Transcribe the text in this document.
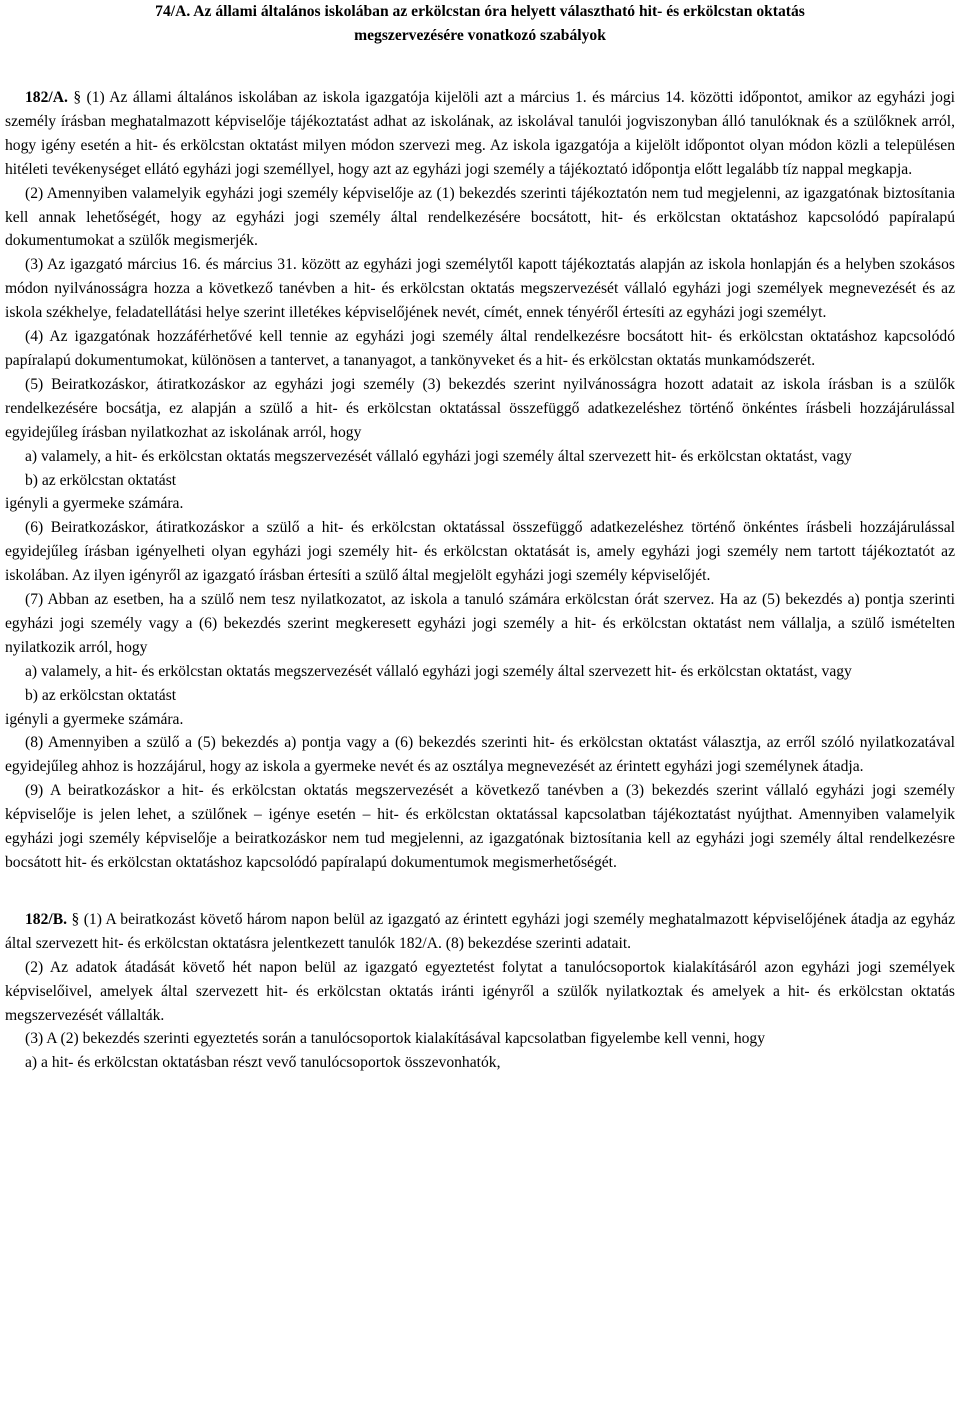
74/A. Az állami általános iskolában az erkölcstan óra helyett választható hit- és erkölcstan oktatás
megszervezésére vonatkozó szabályok

182/A. § (1) Az állami általános iskolában az iskola igazgatója kijelöli azt a március 1. és március 14. közötti időpontot, amikor az egyházi jogi személy írásban meghatalmazott képviselője tájékoztatást adhat az iskolának, az iskolával tanulói jogviszonyban álló tanulóknak és a szülőknek arról, hogy igény esetén a hit- és erkölcstan oktatást milyen módon szervezi meg. Az iskola igazgatója a kijelölt időpontot olyan módon közli a településen hitéleti tevékenységet ellátó egyházi jogi személlyel, hogy azt az egyházi jogi személy a tájékoztató időpontja előtt legalább tíz nappal megkapja.

(2) Amennyiben valamelyik egyházi jogi személy képviselője az (1) bekezdés szerinti tájékoztatón nem tud megjelenni, az igazgatónak biztosítania kell annak lehetőségét, hogy az egyházi jogi személy által rendelkezésére bocsátott, hit- és erkölcstan oktatáshoz kapcsolódó papíralapú dokumentumokat a szülők megismerjék.

(3) Az igazgató március 16. és március 31. között az egyházi jogi személytől kapott tájékoztatás alapján az iskola honlapján és a helyben szokásos módon nyilvánosságra hozza a következő tanévben a hit- és erkölcstan oktatás megszervezését vállaló egyházi jogi személyek megnevezését és az iskola székhelye, feladatellátási helye szerint illetékes képviselőjének nevét, címét, ennek tényéről értesíti az egyházi jogi személyt.

(4) Az igazgatónak hozzáférhetővé kell tennie az egyházi jogi személy által rendelkezésre bocsátott hit- és erkölcstan oktatáshoz kapcsolódó papíralapú dokumentumokat, különösen a tantervet, a tananyagot, a tankönyveket és a hit- és erkölcstan oktatás munkamódszerét.

(5) Beiratkozáskor, átiratkozáskor az egyházi jogi személy (3) bekezdés szerint nyilvánosságra hozott adatait az iskola írásban is a szülők rendelkezésére bocsátja, ez alapján a szülő a hit- és erkölcstan oktatással összefüggő adatkezeléshez történő önkéntes írásbeli hozzájárulással egyidejűleg írásban nyilatkozhat az iskolának arról, hogy

a) valamely, a hit- és erkölcstan oktatás megszervezését vállaló egyházi jogi személy által szervezett hit- és erkölcstan oktatást, vagy

b) az erkölcstan oktatást

igényli a gyermeke számára.

(6) Beiratkozáskor, átiratkozáskor a szülő a hit- és erkölcstan oktatással összefüggő adatkezeléshez történő önkéntes írásbeli hozzájárulással egyidejűleg írásban igényelheti olyan egyházi jogi személy hit- és erkölcstan oktatását is, amely egyházi jogi személy nem tartott tájékoztatót az iskolában. Az ilyen igényről az igazgató írásban értesíti a szülő által megjelölt egyházi jogi személy képviselőjét.

(7) Abban az esetben, ha a szülő nem tesz nyilatkozatot, az iskola a tanuló számára erkölcstan órát szervez. Ha az (5) bekezdés a) pontja szerinti egyházi jogi személy vagy a (6) bekezdés szerint megkeresett egyházi jogi személy a hit- és erkölcstan oktatást nem vállalja, a szülő ismételten nyilatkozik arról, hogy

a) valamely, a hit- és erkölcstan oktatás megszervezését vállaló egyházi jogi személy által szervezett hit- és erkölcstan oktatást, vagy

b) az erkölcstan oktatást

igényli a gyermeke számára.

(8) Amennyiben a szülő a (5) bekezdés a) pontja vagy a (6) bekezdés szerinti hit- és erkölcstan oktatást választja, az erről szóló nyilatkozatával egyidejűleg ahhoz is hozzájárul, hogy az iskola a gyermeke nevét és az osztálya megnevezését az érintett egyházi jogi személynek átadja.

(9) A beiratkozáskor a hit- és erkölcstan oktatás megszervezését a következő tanévben a (3) bekezdés szerint vállaló egyházi jogi személy képviselője is jelen lehet, a szülőnek – igénye esetén – hit- és erkölcstan oktatással kapcsolatban tájékoztatást nyújthat. Amennyiben valamelyik egyházi jogi személy képviselője a beiratkozáskor nem tud megjelenni, az igazgatónak biztosítania kell az egyházi jogi személy által rendelkezésre bocsátott hit- és erkölcstan oktatáshoz kapcsolódó papíralapú dokumentumok megismerhetőségét.

182/B. § (1) A beiratkozást követő három napon belül az igazgató az érintett egyházi jogi személy meghatalmazott képviselőjének átadja az egyház által szervezett hit- és erkölcstan oktatásra jelentkezett tanulók 182/A. (8) bekezdése szerinti adatait.

(2) Az adatok átadását követő hét napon belül az igazgató egyeztetést folytat a tanulócsoportok kialakításáról azon egyházi jogi személyek képviselőivel, amelyek által szervezett hit- és erkölcstan oktatás iránti igényről a szülők nyilatkoztak és amelyek a hit- és erkölcstan oktatás megszervezését vállalták.

(3) A (2) bekezdés szerinti egyeztetés során a tanulócsoportok kialakításával kapcsolatban figyelembe kell venni, hogy

a) a hit- és erkölcstan oktatásban részt vevő tanulócsoportok összevonhatók,
